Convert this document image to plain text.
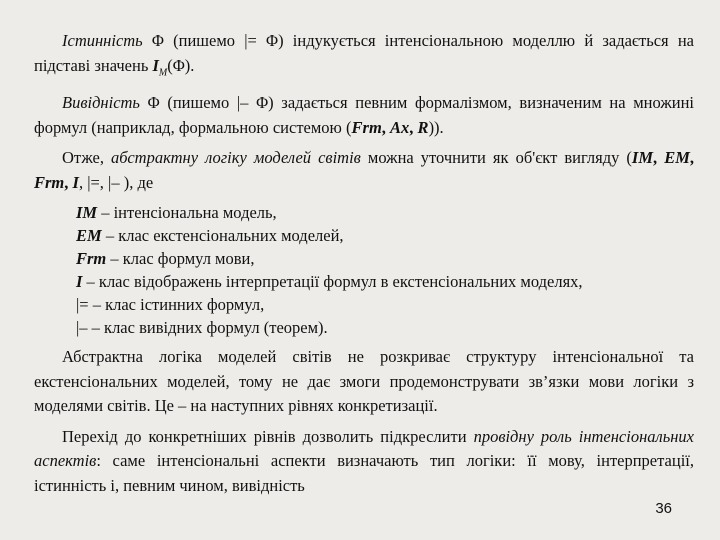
Істинність Φ (пишемо |= Φ) індукується інтенсіональною моделлю й задається на підставі значень $I_M(\Phi)$.

Вивідність Φ (пишемо |– Φ) задається певним формалізмом, визначеним на множині формул (наприклад, формальною системою (Frm, Ax, R)).

Отже, абстрактну логіку моделей світів можна уточнити як об'єкт вигляду (IM, EM, Frm, I, |=, |– ), де

IM – інтенсіональна модель,
EM – клас екстенсіональних моделей,
Frm – клас формул мови,
I – клас відображень інтерпретації формул в екстенсіональних моделях,
|= – клас істинних формул,
|– – клас вивідних формул (теорем).

Абстрактна логіка моделей світів не розкриває структуру інтенсіональної та екстенсіональних моделей, тому не дає змоги продемонструвати зв’язки мови логіки з моделями світів. Це – на наступних рівнях конкретизації.

Перехід до конкретніших рівнів дозволить підкреслити провідну роль інтенсіональних аспектів: саме інтенсіональні аспекти визначають тип логіки: її мову, інтерпретації, істинність і, певним чином, вивідність

36
